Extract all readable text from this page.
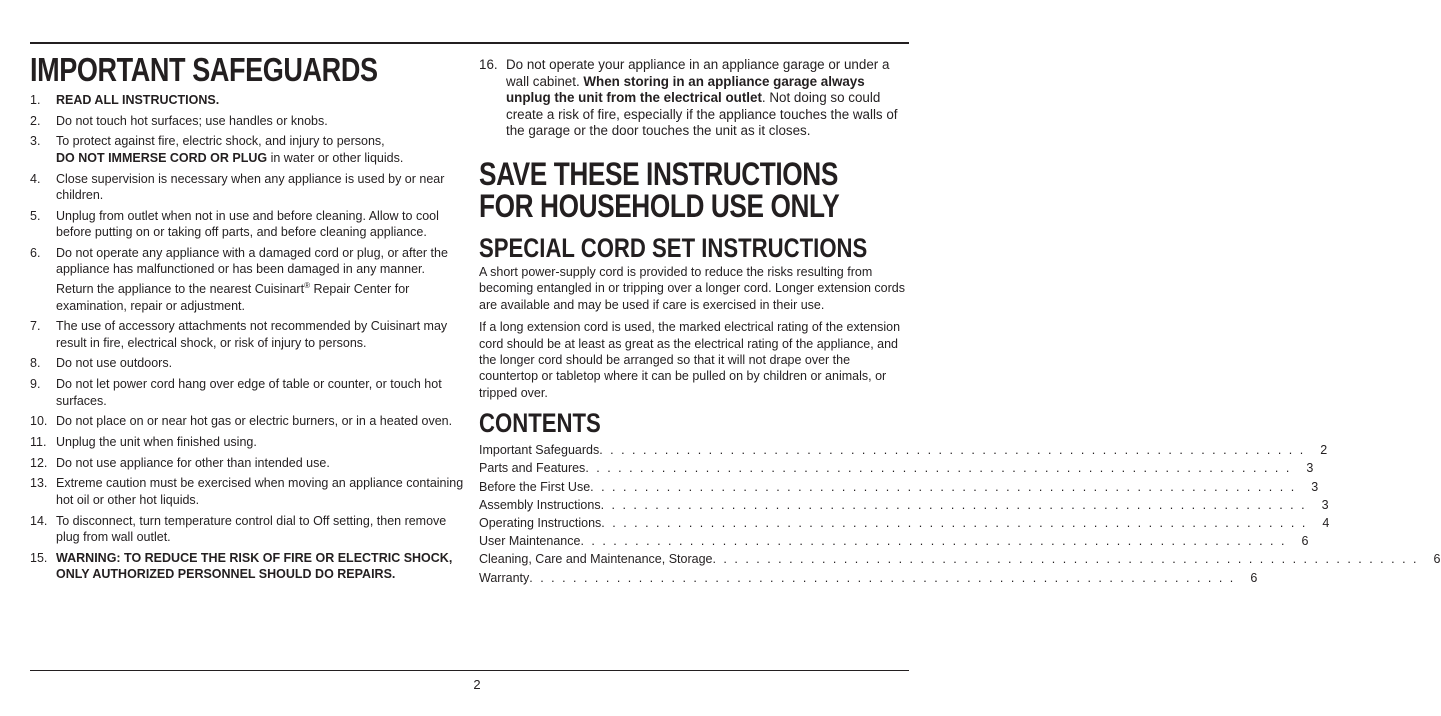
IMPORTANT SAFEGUARDS
1. READ ALL INSTRUCTIONS.
2. Do not touch hot surfaces; use handles or knobs.
3. To protect against fire, electric shock, and injury to persons,
DO NOT IMMERSE CORD OR PLUG in water or other liquids.
4. Close supervision is necessary when any appliance is used by or near children.
5. Unplug from outlet when not in use and before cleaning. Allow to cool before putting on or taking off parts, and before cleaning appliance.
6. Do not operate any appliance with a damaged cord or plug, or after the appliance has malfunctioned or has been damaged in any manner. Return the appliance to the nearest Cuisinart® Repair Center for examination, repair or adjustment.
7. The use of accessory attachments not recommended by Cuisinart may result in fire, electrical shock, or risk of injury to persons.
8. Do not use outdoors.
9. Do not let power cord hang over edge of table or counter, or touch hot surfaces.
10. Do not place on or near hot gas or electric burners, or in a heated oven.
11. Unplug the unit when finished using.
12. Do not use appliance for other than intended use.
13. Extreme caution must be exercised when moving an appliance containing hot oil or other hot liquids.
14. To disconnect, turn temperature control dial to Off setting, then remove plug from wall outlet.
15. WARNING: TO REDUCE THE RISK OF FIRE OR ELECTRIC SHOCK, ONLY AUTHORIZED PERSONNEL SHOULD DO REPAIRS.
16. Do not operate your appliance in an appliance garage or under a wall cabinet. When storing in an appliance garage always unplug the unit from the electrical outlet. Not doing so could create a risk of fire, especially if the appliance touches the walls of the garage or the door touches the unit as it closes.
SAVE THESE INSTRUCTIONS
FOR HOUSEHOLD USE ONLY
SPECIAL CORD SET INSTRUCTIONS

A short power-supply cord is provided to reduce the risks resulting from becoming entangled in or tripping over a longer cord. Longer extension cords are available and may be used if care is exercised in their use.

If a long extension cord is used, the marked electrical rating of the extension cord should be at least as great as the electrical rating of the appliance, and the longer cord should be arranged so that it will not drape over the countertop or tabletop where it can be pulled on by children or animals, or tripped over.

CONTENTS
Important Safeguards . . . . . . . . . . . . . . . . . . . . . . . . . . . . . . . . . . . . . . . . . . . . . . . . . . . . . . . . . . . . . . . . .	2
Parts and Features . . . . . . . . . . . . . . . . . . . . . . . . . . . . . . . . . . . . . . . . . . . . . . . . . . . . . . . . . . . . . . . . .	3
Before the First Use . . . . . . . . . . . . . . . . . . . . . . . . . . . . . . . . . . . . . . . . . . . . . . . . . . . . . . . . . . . . . . . . .	3
Assembly Instructions . . . . . . . . . . . . . . . . . . . . . . . . . . . . . . . . . . . . . . . . . . . . . . . . . . . . . . . . . . . . . . . . .	3
Operating Instructions . . . . . . . . . . . . . . . . . . . . . . . . . . . . . . . . . . . . . . . . . . . . . . . . . . . . . . . . . . . . . . . . .	4
User Maintenance . . . . . . . . . . . . . . . . . . . . . . . . . . . . . . . . . . . . . . . . . . . . . . . . . . . . . . . . . . . . . . . . .	6
Cleaning, Care and Maintenance, Storage . . . . . . . . . . . . . . . . . . . . . . . . . . . . . . . . . . . . . . . . . . . . . . . . . . . . . . . . . . . . . . . . .	6
Warranty . . . . . . . . . . . . . . . . . . . . . . . . . . . . . . . . . . . . . . . . . . . . . . . . . . . . . . . . . . . . . . . . .	6
2
